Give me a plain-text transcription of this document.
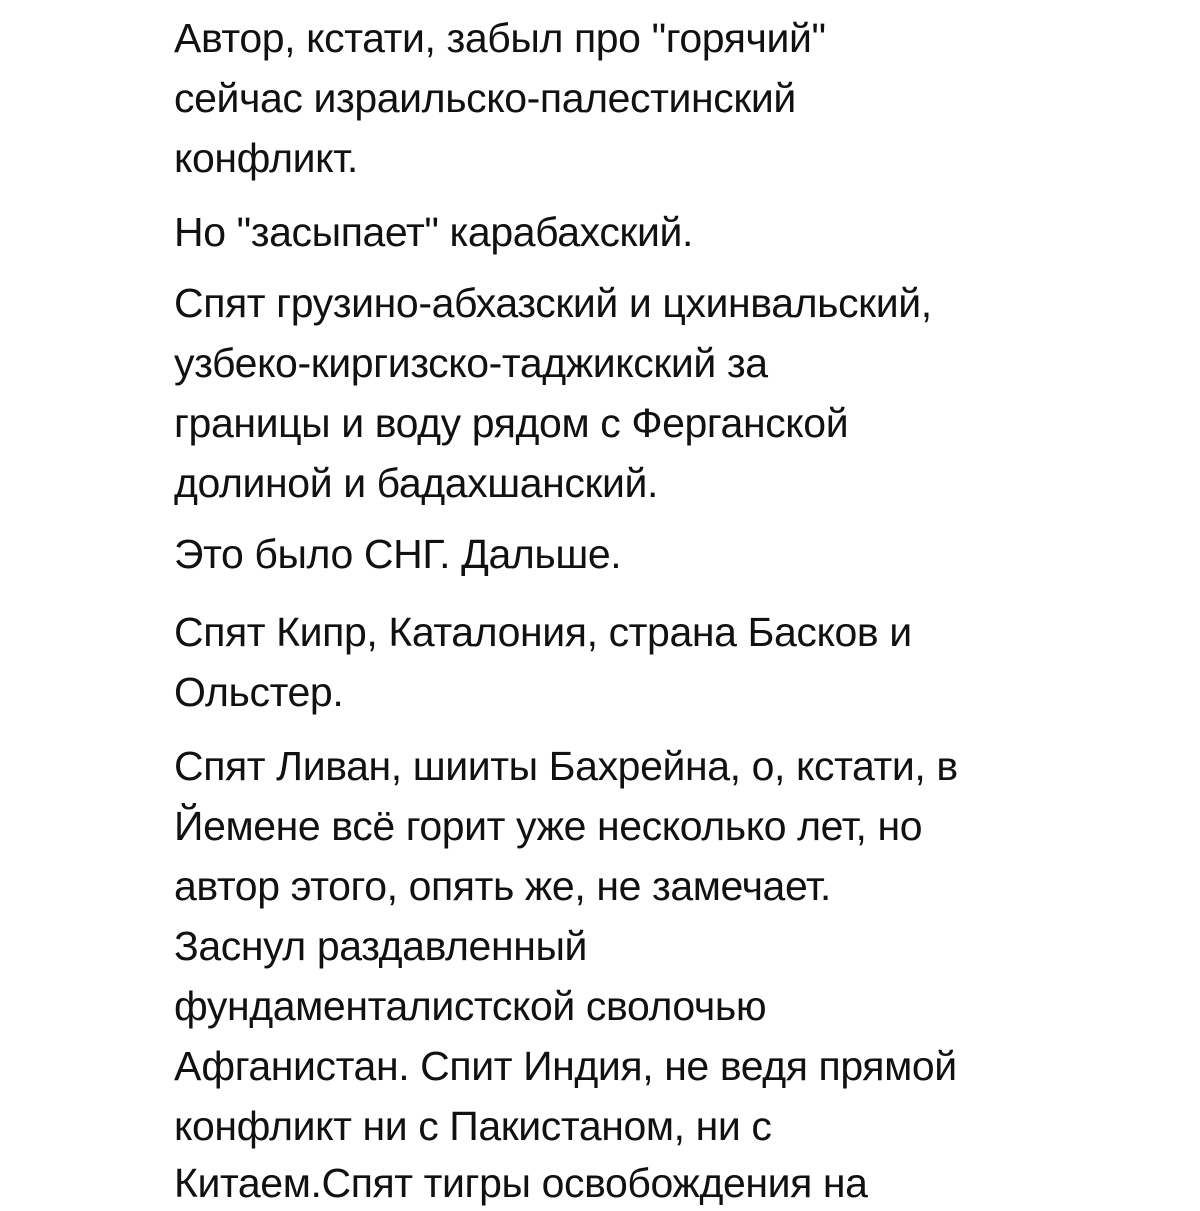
Автор, кстати, забыл про "горячий"
сейчас израильско-палестинский
конфликт.
Но "засыпает" карабахский.
Спят грузино-абхазский и цхинвальский,
узбеко-киргизско-таджикский за
границы и воду рядом с Ферганской
долиной и бадахшанский.
Это было СНГ. Дальше.
Спят Кипр, Каталония, страна Басков и
Ольстер.
Спят Ливан, шииты Бахрейна, о, кстати, в
Йемене всё горит уже несколько лет, но
автор этого, опять же, не замечает.
Заснул раздавленный
фундаменталистской сволочью
Афганистан. Спит Индия, не ведя прямой
конфликт ни с Пакистаном, ни с
Китаем.Спят тигры освобождения на
